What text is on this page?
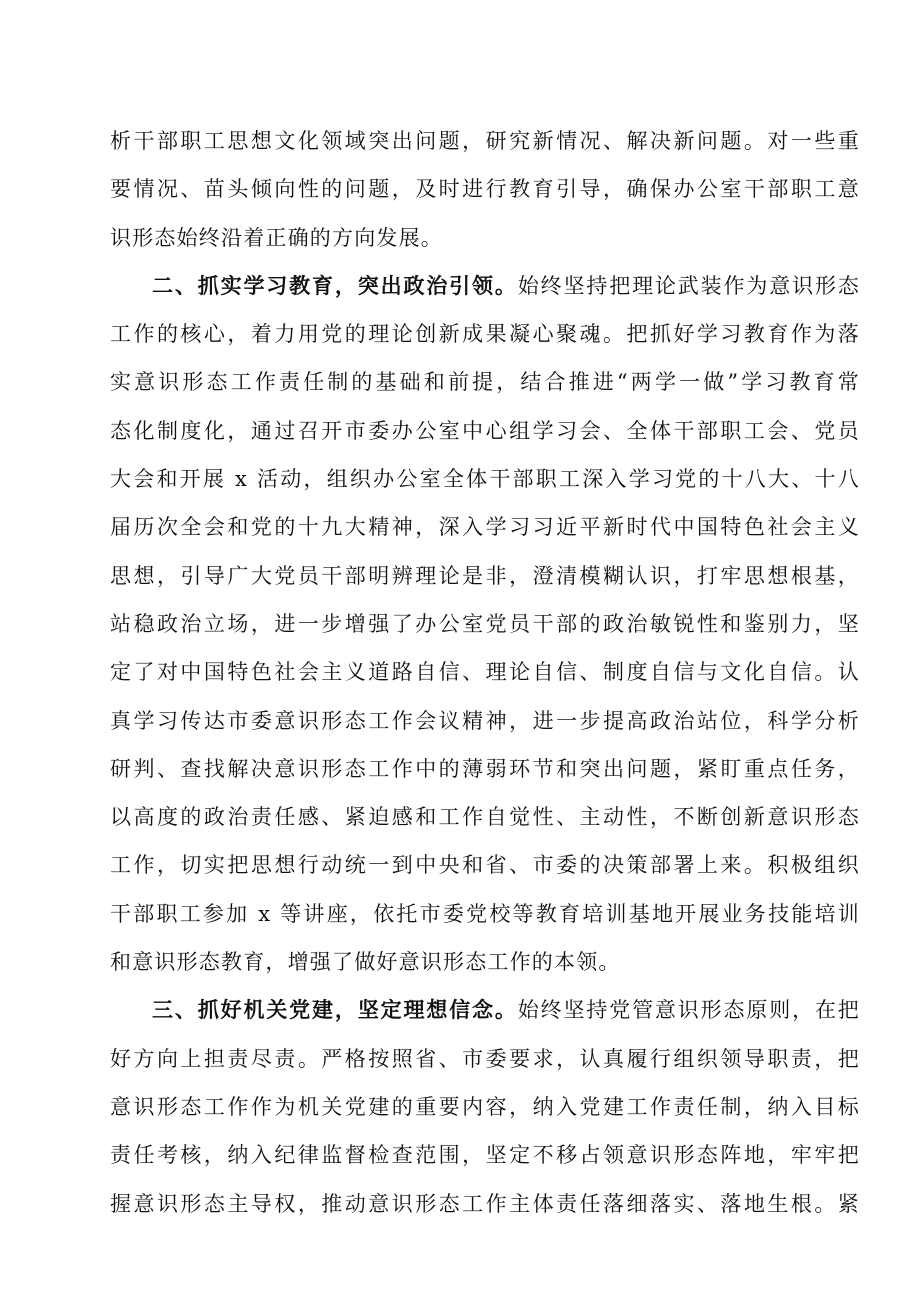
析干部职工思想文化领域突出问题，研究新情况、解决新问题。对一些重
要情况、苗头倾向性的问题，及时进行教育引导，确保办公室干部职工意
识形态始终沿着正确的方向发展。

二、抓实学习教育，突出政治引领。始终坚持把理论武装作为意识形态
工作的核心，着力用党的理论创新成果凝心聚魂。把抓好学习教育作为落
实意识形态工作责任制的基础和前提，结合推进“两学一做”学习教育常
态化制度化，通过召开市委办公室中心组学习会、全体干部职工会、党员
大会和开展 x 活动，组织办公室全体干部职工深入学习党的十八大、十八
届历次全会和党的十九大精神，深入学习习近平新时代中国特色社会主义
思想，引导广大党员干部明辨理论是非，澄清模糊认识，打牢思想根基，
站稳政治立场，进一步增强了办公室党员干部的政治敏锐性和鉴别力，坚
定了对中国特色社会主义道路自信、理论自信、制度自信与文化自信。认
真学习传达市委意识形态工作会议精神，进一步提高政治站位，科学分析
研判、查找解决意识形态工作中的薄弱环节和突出问题，紧盯重点任务，
以高度的政治责任感、紧迫感和工作自觉性、主动性，不断创新意识形态
工作，切实把思想行动统一到中央和省、市委的决策部署上来。积极组织
干部职工参加 x 等讲座，依托市委党校等教育培训基地开展业务技能培训
和意识形态教育，增强了做好意识形态工作的本领。

三、抓好机关党建，坚定理想信念。始终坚持党管意识形态原则，在把
好方向上担责尽责。严格按照省、市委要求，认真履行组织领导职责，把
意识形态工作作为机关党建的重要内容，纳入党建工作责任制，纳入目标
责任考核，纳入纪律监督检查范围，坚定不移占领意识形态阵地，牢牢把
握意识形态主导权，推动意识形态工作主体责任落细落实、落地生根。紧
